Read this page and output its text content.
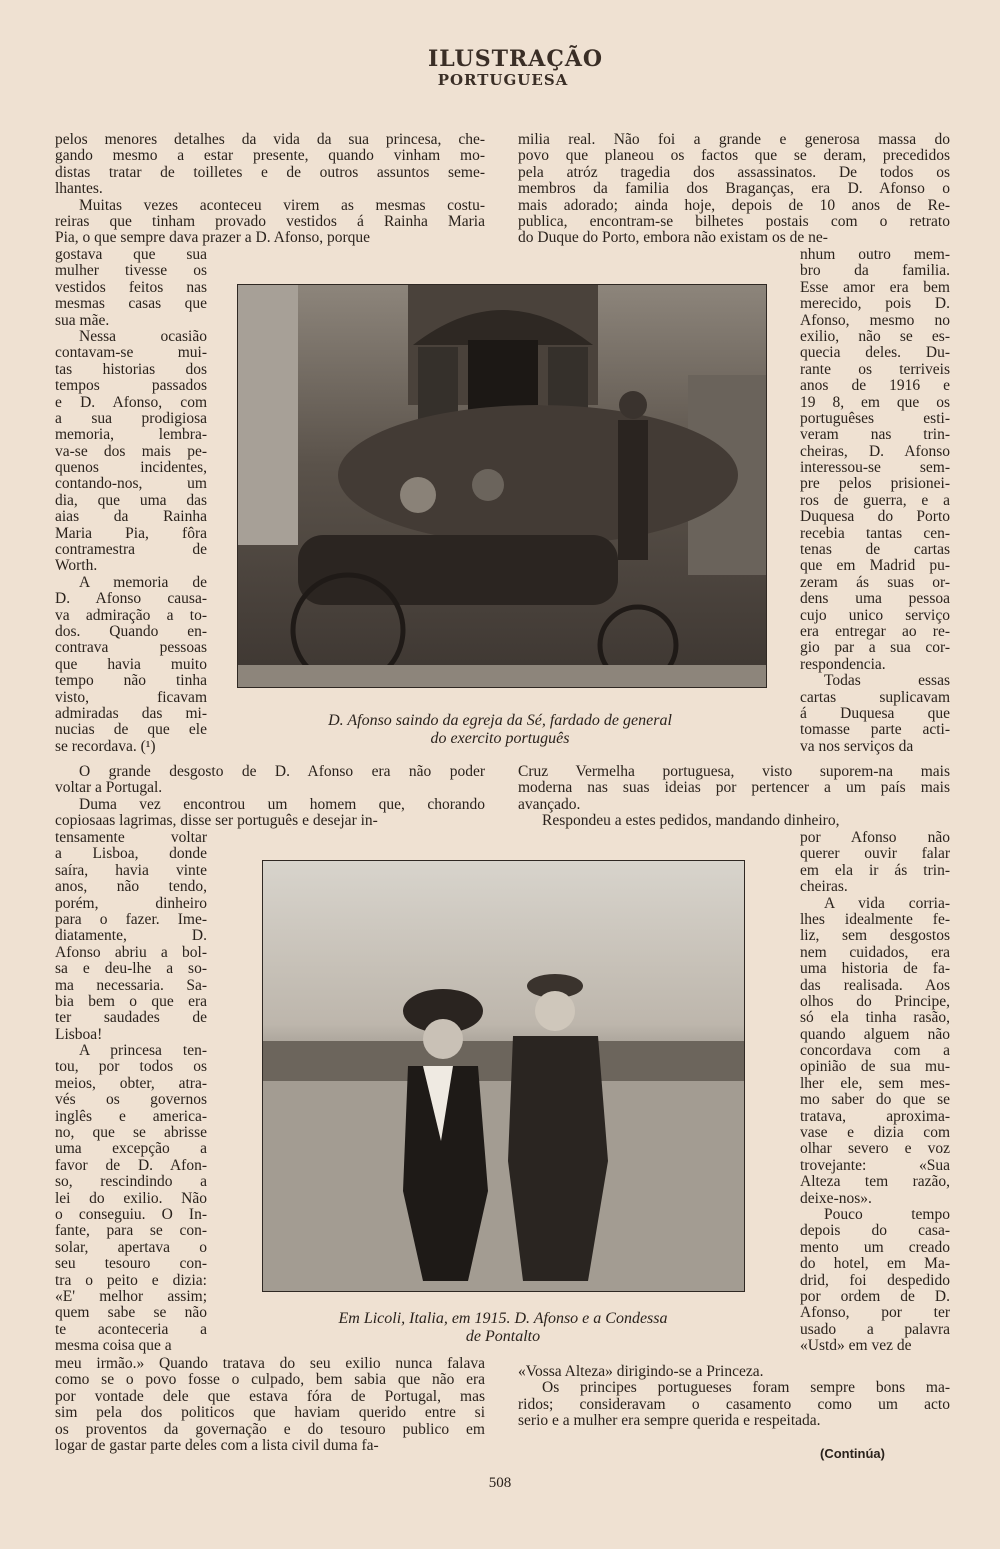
ILUSTRAÇÃO
PORTUGUESA
pelos menores detalhes da vida da sua princesa, che-
gando mesmo a estar presente, quando vinham mo-
distas tratar de toilletes e de outros assuntos seme-
lhantes.
Muitas vezes aconteceu virem as mesmas costu-
reiras que tinham provado vestidos á Rainha Maria
Pia, o que sempre dava prazer a D. Afonso, porque
gostava que sua
mulher tivesse os
vestidos feitos nas
mesmas casas que
sua mãe.
Nessa ocasião
contavam-se mui-
tas historias dos
tempos passados
e D. Afonso, com
a sua prodigiosa
memoria, lembra-
va-se dos mais pe-
quenos incidentes,
contando-nos, um
dia, que uma das
aias da Rainha
Maria Pia, fôra
contramestra de
Worth.
A memoria de
D. Afonso causa-
va admiração a to-
dos. Quando en-
contrava pessoas
que havia muito
tempo não tinha
visto, ficavam
admiradas das mi-
nucias de que ele
se recordava. (¹)
O grande desgosto de D. Afonso era não poder
voltar a Portugal.
Duma vez encontrou um homem que, chorando
copiosaas lagrimas, disse ser português e desejar in-
tensamente voltar
a Lisboa, donde
saíra, havia vinte
anos, não tendo,
porém, dinheiro
para o fazer. Ime-
diatamente, D.
Afonso abriu a bol-
sa e deu-lhe a so-
ma necessaria. Sa-
bia bem o que era
ter saudades de
Lisboa!
A princesa ten-
tou, por todos os
meios, obter, atra-
vés os governos
inglês e america-
no, que se abrisse
uma excepção a
favor de D. Afon-
so, rescindindo a
lei do exilio. Não
o conseguiu. O In-
fante, para se con-
solar, apertava o
seu tesouro con-
tra o peito e dizia:
«E' melhor assim;
quem sabe se não
te aconteceria a
mesma coisa que a
meu irmão.» Quando tratava do seu exilio nunca falava
como se o povo fosse o culpado, bem sabia que não era
por vontade dele que estava fóra de Portugal, mas
sim pela dos politicos que haviam querido entre si
os proventos da governação e do tesouro publico em
logar de gastar parte deles com a lista civil duma fa-
milia real. Não foi a grande e generosa massa do
povo que planeou os factos que se deram, precedidos
pela atróz tragedia dos assassinatos. De todos os
membros da familia dos Braganças, era D. Afonso o
mais adorado; ainda hoje, depois de 10 anos de Re-
publica, encontram-se bilhetes postais com o retrato
do Duque do Porto, embora não existam os de ne-
nhum outro mem-
bro da familia.
Esse amor era bem
merecido, pois D.
Afonso, mesmo no
exilio, não se es-
quecia deles. Du-
rante os terriveis
anos de 1916 e
19 8, em que os
portuguêses esti-
veram nas trin-
cheiras, D. Afonso
interessou-se sem-
pre pelos prisionei-
ros de guerra, e a
Duquesa do Porto
recebia tantas cen-
tenas de cartas
que em Madrid pu-
zeram ás suas or-
dens uma pessoa
cujo unico serviço
era entregar ao re-
gio par a sua cor-
respondencia.
Todas essas
cartas suplicavam
á Duquesa que
tomasse parte acti-
va nos serviços da
Cruz Vermelha portuguesa, visto suporem-na mais
moderna nas suas ideias por pertencer a um país mais
avançado.
Respondeu a estes pedidos, mandando dinheiro,
por Afonso não
querer ouvir falar
em ela ir ás trin-
cheiras.
A vida corria-
lhes idealmente fe-
liz, sem desgostos
nem cuidados, era
uma historia de fa-
das realisada. Aos
olhos do Principe,
só ela tinha rasão,
quando alguem não
concordava com a
opinião de sua mu-
lher ele, sem mes-
mo saber do que se
tratava, aproxima-
vase e dizia com
olhar severo e voz
trovejante: «Sua
Alteza tem razão,
deixe-nos».
Pouco tempo
depois do casa-
mento um creado
do hotel, em Ma-
drid, foi despedido
por ordem de D.
Afonso, por ter
usado a palavra
«Ustd» em vez de
«Vossa Alteza» dirigindo-se a Princeza.
Os principes portugueses foram sempre bons ma-
ridos; consideravam o casamento como um acto
serio e a mulher era sempre querida e respeitada.
D. Afonso saindo da egreja da Sé, fardado de general
do exercito português
Em Licoli, Italia, em 1915. D. Afonso e a Condessa
de Pontalto
(Continúa)
508
